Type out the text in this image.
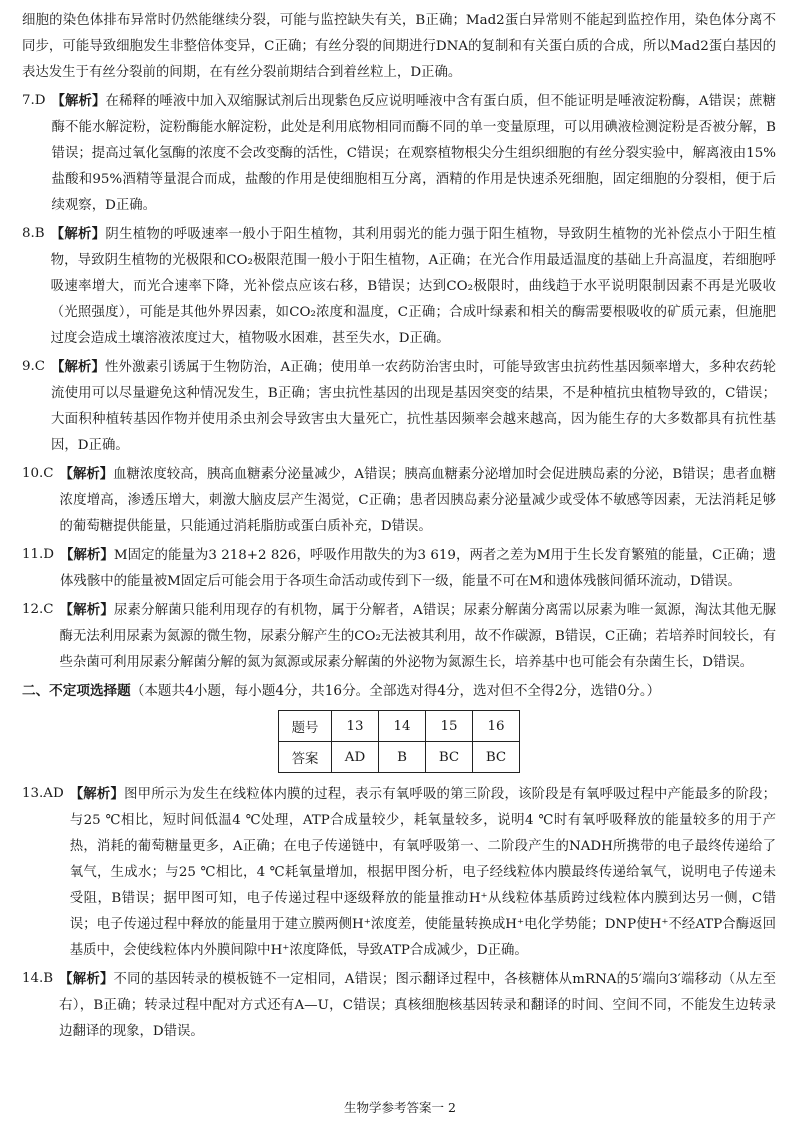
细胞的染色体排布异常时仍然能继续分裂，可能与监控缺失有关，B正确；Mad2蛋白异常则不能起到监控作用，染色体分离不同步，可能导致细胞发生非整倍体变异，C正确；有丝分裂的间期进行DNA的复制和有关蛋白质的合成，所以Mad2蛋白基因的表达发生于有丝分裂前的间期，在有丝分裂前期结合到着丝粒上，D正确。

7. D 【解析】在稀释的唾液中加入双缩脲试剂后出现紫色反应说明唾液中含有蛋白质，但不能证明是唾液淀粉酶，A错误；蔗糖酶不能水解淀粉，淀粉酶能水解淀粉，此处是利用底物相同而酶不同的单一变量原理，可以用碘液检测淀粉是否被分解，B错误；提高过氧化氢酶的浓度不会改变酶的活性，C错误；在观察植物根尖分生组织细胞的有丝分裂实验中，解离液由15%盐酸和95%酒精等量混合而成，盐酸的作用是使细胞相互分离，酒精的作用是快速杀死细胞，固定细胞的分裂相，便于后续观察，D正确。
8. B 【解析】阴生植物的呼吸速率一般小于阳生植物，其利用弱光的能力强于阳生植物，导致阴生植物的光补偿点小于阳生植物，导致阴生植物的光极限和CO₂极限范围一般小于阳生植物，A正确；在光合作用最适温度的基础上升高温度，若细胞呼吸速率增大，而光合速率下降，光补偿点应该右移，B错误；达到CO₂极限时，曲线趋于水平说明限制因素不再是光吸收（光照强度），可能是其他外界因素，如CO₂浓度和温度，C正确；合成叶绿素和相关的酶需要根吸收的矿质元素，但施肥过度会造成土壤溶液浓度过大，植物吸水困难，甚至失水，D正确。
9. C 【解析】性外激素引诱属于生物防治，A正确；使用单一农药防治害虫时，可能导致害虫抗药性基因频率增大，多种农药轮流使用可以尽量避免这种情况发生，B正确；害虫抗性基因的出现是基因突变的结果，不是种植抗虫植物导致的，C错误；大面积种植转基因作物并使用杀虫剂会导致害虫大量死亡，抗性基因频率会越来越高，因为能生存的大多数都具有抗性基因，D正确。
10. C 【解析】血糖浓度较高，胰高血糖素分泌量减少，A错误；胰高血糖素分泌增加时会促进胰岛素的分泌，B错误；患者血糖浓度增高，渗透压增大，刺激大脑皮层产生渴觉，C正确；患者因胰岛素分泌量减少或受体不敏感等因素，无法消耗足够的葡萄糖提供能量，只能通过消耗脂肪或蛋白质补充，D错误。
11. D 【解析】M固定的能量为3 218+2 826，呼吸作用散失的为3 619，两者之差为M用于生长发育繁殖的能量，C正确；遗体残骸中的能量被M固定后可能会用于各项生命活动或传到下一级，能量不可在M和遗体残骸间循环流动，D错误。
12. C 【解析】尿素分解菌只能利用现存的有机物，属于分解者，A错误；尿素分解菌分离需以尿素为唯一氮源，淘汰其他无脲酶无法利用尿素为氮源的微生物，尿素分解产生的CO₂无法被其利用，故不作碳源，B错误，C正确；若培养时间较长，有些杂菌可利用尿素分解菌分解的氮为氮源或尿素分解菌的外泌物为氮源生长，培养基中也可能会有杂菌生长，D错误。
二、不定项选择题（本题共4小题，每小题4分，共16分。全部选对得4分，选对但不全得2分，选错0分。）
题号	13	14	15	16
答案	AD	B	BC	BC
13. AD 【解析】图甲所示为发生在线粒体内膜的过程，表示有氧呼吸的第三阶段，该阶段是有氧呼吸过程中产能最多的阶段；与25 ℃相比，短时间低温4 ℃处理，ATP合成量较少，耗氧量较多，说明4 ℃时有氧呼吸释放的能量较多的用于产热，消耗的葡萄糖量更多，A正确；在电子传递链中，有氧呼吸第一、二阶段产生的NADH所携带的电子最终传递给了氧气，生成水；与25 ℃相比，4 ℃耗氧量增加，根据甲图分析，电子经线粒体内膜最终传递给氧气，说明电子传递未受阻，B错误；据甲图可知，电子传递过程中逐级释放的能量推动H⁺从线粒体基质跨过线粒体内膜到达另一侧，C错误；电子传递过程中释放的能量用于建立膜两侧H⁺浓度差，使能量转换成H⁺电化学势能；DNP使H⁺不经ATP合酶返回基质中，会使线粒体内外膜间隙中H⁺浓度降低，导致ATP合成减少，D正确。
14. B 【解析】不同的基因转录的模板链不一定相同，A错误；图示翻译过程中，各核糖体从mRNA的5′端向3′端移动（从左至右），B正确；转录过程中配对方式还有A—U，C错误；真核细胞核基因转录和翻译的时间、空间不同，不能发生边转录边翻译的现象，D错误。
生物学参考答案一 2
